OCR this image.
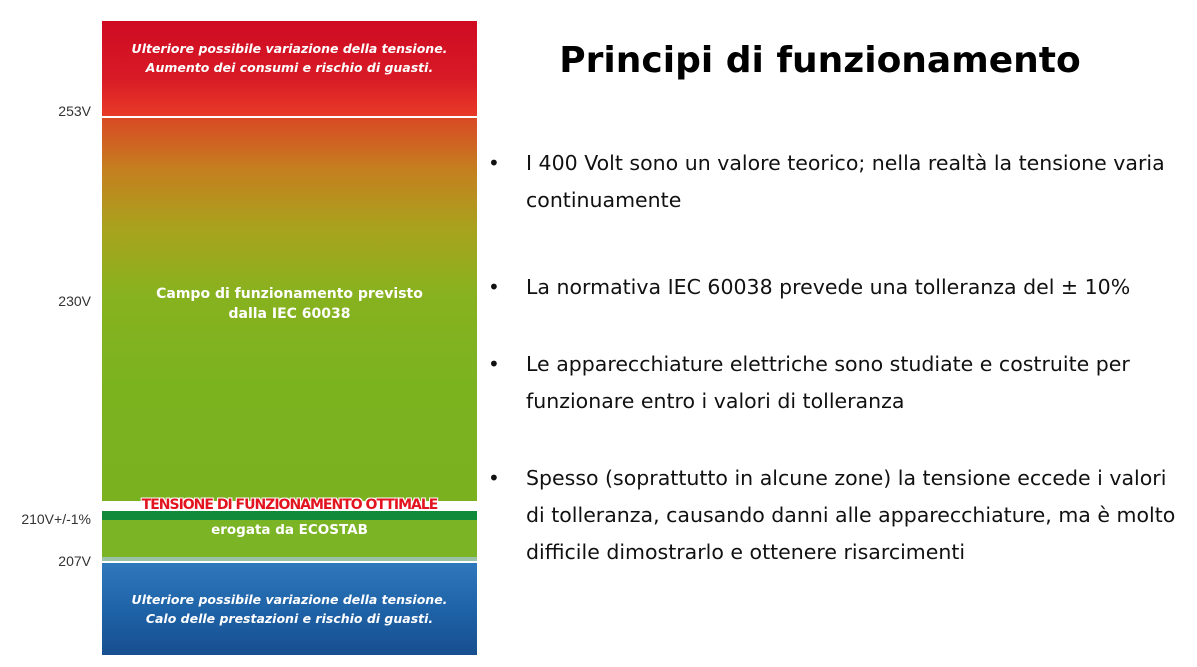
253V
230V
210V+/-1%
207V
Ulteriore possibile variazione della tensione.
Aumento dei consumi e rischio di guasti.
Campo di funzionamento previsto
dalla IEC 60038
TENSIONE DI FUNZIONAMENTO OTTIMALE
erogata da ECOSTAB
Ulteriore possibile variazione della tensione.
Calo delle prestazioni e rischio di guasti.
Principi di funzionamento
• I 400 Volt sono un valore teorico; nella realtà la tensione varia continuamente
• La normativa IEC 60038 prevede una tolleranza del ± 10%
• Le apparecchiature elettriche sono studiate e costruite per funzionare entro i valori di tolleranza
• Spesso (soprattutto in alcune zone) la tensione eccede i valori di tolleranza, causando danni alle apparecchiature, ma è molto difficile dimostrarlo e ottenere risarcimenti
